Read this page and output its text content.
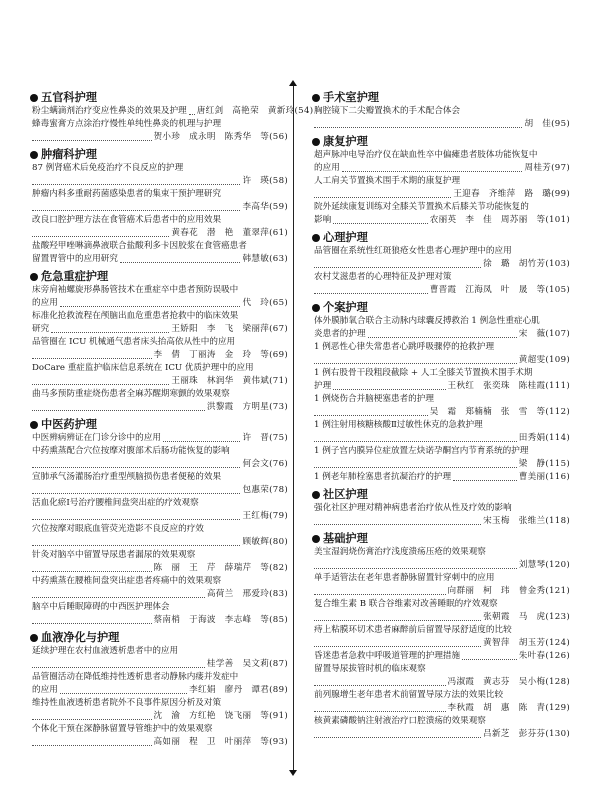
五官科护理
粉尘螨滴剂治疗变应性鼻炎的效果及护理 唐红剑　高艳荣　黄新玲(54)
蜂毒蜜膏方点涂治疗慢性单纯性鼻炎的机理与护理
贺小珍　成永明　陈秀华　等(56)
肿瘤科护理
87 例肾癌术后免疫治疗不良反应的护理
许　瑛(58)
肿瘤内科多重耐药菌感染患者的集束干预护理研究
李高华(59)
改良口腔护理方法在食管癌术后患者中的应用效果
黄春花　潜　艳　董翠萍(61)
盐酸羟甲唑啉滴鼻液联合盐酸利多卡因胶浆在食管癌患者
留置胃管中的应用研究	韩慧敏(63)
危急重症护理
床旁肩袖螺旋形鼻肠管技术在重症卒中患者预防误吸中
的应用	代　玲(65)
标准化抢救流程在颅脑出血危重患者抢救中的临床效果
研究	王娇阳　李　飞　梁丽萍(67)
品管圈在 ICU 机械通气患者床头抬高依从性中的应用
李　倩　丁丽涛　金　玲　等(69)
DoCare 重症监护临床信息系统在 ICU 优质护理中的应用
王丽珠　林润华　黄伟斌(71)
曲马多预防重症烧伤患者全麻苏醒期寒颤的效果观察
洪黎霞　方明星(73)
中医药护理
中医辨病辨证在门诊分诊中的应用	许　晋(75)
中药熏蒸配合穴位按摩对腹部术后肠功能恢复的影响
何会文(76)
宣肺承气汤灌肠治疗重型颅脑损伤患者便秘的效果
包惠荣(78)
活血化瘀Ⅰ号治疗腰椎间盘突出症的疗效观察
王红梅(79)
穴位按摩对眼底血管荧光造影不良反应的疗效
顾敏辉(80)
针灸对脑卒中留置导尿患者漏尿的效果观察
陈　丽　王　芹　薛瑞芹　等(82)
中药熏蒸在腰椎间盘突出症患者疼痛中的效果观察
高荷兰　邢爱玲(83)
脑卒中后睡眠障碍的中西医护理体会
蔡南梢　于海波　李志峰　等(85)
血液净化与护理
延续护理在农村血液透析患者中的应用
桂学善　吴文莉(87)
品管圈活动在降低维持性透析患者动静脉内瘘并发症中
的应用	李红娟　廖丹　谭君(89)
维持性血液透析患者院外不良事件原因分析及对策
沈　渝　方红艳　饶飞丽　等(91)
个体化干预在深静脉留置导管维护中的效果观察
高如丽　程　卫　叶丽萍　等(93)
手术室护理
胸腔镜下二尖瓣置换术的手术配合体会
胡　佳(95)
康复护理
超声脉冲电导治疗仪在缺血性卒中偏瘫患者肢体功能恢复中
的应用	周桂芳(97)
人工肩关节置换术围手术期的康复护理
王迎春　齐维萍　路　璐(99)
院外延续康复训练对全膝关节置换术后膝关节功能恢复的
影响	农丽英　李　佳　周苏丽　等(101)
心理护理
品管圈在系统性红斑狼疮女性患者心理护理中的应用
徐　璐　胡竹芳(103)
农村艾滋患者的心理特征及护理对策
曹晋霞　江海凤　叶　晟　等(105)
个案护理
体外膜肺氧合联合主动脉内球囊反搏救治 1 例急性重症心肌
炎患者的护理	宋　薇(107)
1 例恶性心律失常患者心跳呼吸骤停的抢救护理
黄超雯(109)
1 例右股骨干段粗段截除 + 人工全膝关节置换术围手术期
护理	王秋红　张奕珠　陈桂霞(111)
1 例烧伤合并脑梗塞患者的护理
吴　霜　郑楠楠　张　雪　等(112)
1 例注射用核糖核酸Ⅱ过敏性休克的急救护理
田秀娟(114)
1 例子宫内膜异位症放置左炔诺孕酮宫内节育系统的护理
梁　静(115)
1 例老年肺栓塞患者抗凝治疗的护理	曹美丽(116)
社区护理
强化社区护理对精神病患者治疗依从性及疗效的影响
宋玉梅　张维兰(118)
基础护理
美宝湿润烧伤膏治疗浅度溃疡压疮的效果观察
刘慧琴(120)
单手适管法在老年患者静脉留置针穿刺中的应用
向群丽　柯　玮　曾金秀(121)
复合维生素 B 联合谷维素对改善睡眠的疗效观察
张朝霞　马　虎(123)
痔上粘膜环切术患者麻醉前后留置导尿舒适度的比较
黄智萍　胡玉芳(124)
昏迷患者急救中呼吸道管理的护理措施	朱叶春(126)
留置导尿拔管时机的临床观察
冯淑霞　黄志芬　吴小梅(128)
前列腺增生老年患者术前留置导尿方法的效果比较
李秋霞　胡　惠　陈　青(129)
核黄素磷酸钠注射液治疗口腔溃疡的效果观察
吕新芝　彭芬芬(130)
